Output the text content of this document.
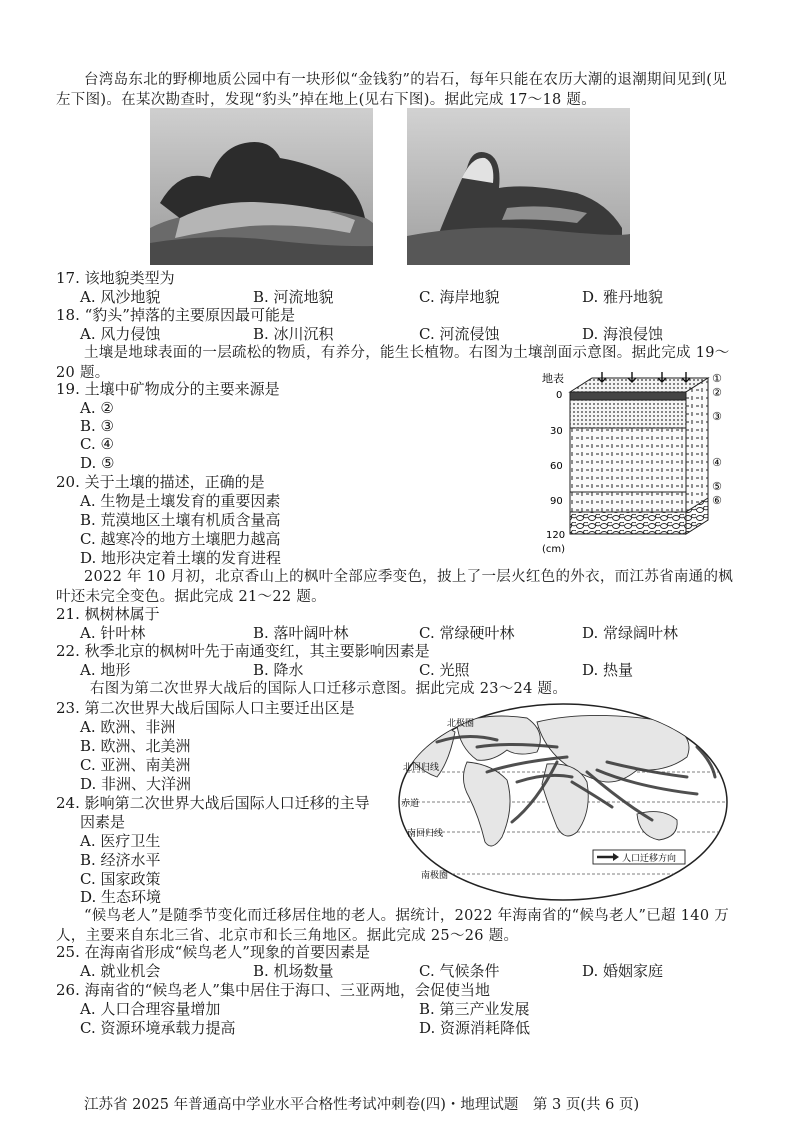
台湾岛东北的野柳地质公园中有一块形似“金钱豹”的岩石，每年只能在农历大潮的退潮期间见到(见左下图)。在某次勘查时，发现“豹头”掉在地上(见右下图)。据此完成 17～18 题。
17. 该地貌类型为
A. 风沙地貌	B. 河流地貌	C. 海岸地貌	D. 雅丹地貌
18. “豹头”掉落的主要原因最可能是
A. 风力侵蚀	B. 冰川沉积	C. 河流侵蚀	D. 海浪侵蚀
土壤是地球表面的一层疏松的物质，有养分，能生长植物。右图为土壤剖面示意图。据此完成 19～20 题。
19. 土壤中矿物成分的主要来源是
A. ②
B. ③
C. ④
D. ⑤
20. 关于土壤的描述，正确的是
A. 生物是土壤发育的重要因素
B. 荒漠地区土壤有机质含量高
C. 越寒冷的地方土壤肥力越高
D. 地形决定着土壤的发育进程
地表
0
30
60
90
120
(cm)
①
②
③
④
⑤
⑥
2022 年 10 月初，北京香山上的枫叶全部应季变色，披上了一层火红色的外衣，而江苏省南通的枫叶还未完全变色。据此完成 21～22 题。
21. 枫树林属于
A. 针叶林	B. 落叶阔叶林	C. 常绿硬叶林	D. 常绿阔叶林
22. 秋季北京的枫树叶先于南通变红，其主要影响因素是
A. 地形	B. 降水	C. 光照	D. 热量
右图为第二次世界大战后的国际人口迁移示意图。据此完成 23～24 题。
23. 第二次世界大战后国际人口主要迁出区是
A. 欧洲、非洲
B. 欧洲、北美洲
C. 亚洲、南美洲
D. 非洲、大洋洲
24. 影响第二次世界大战后国际人口迁移的主导
因素是
A. 医疗卫生
B. 经济水平
C. 国家政策
D. 生态环境
北极圈
北回归线
赤道
南回归线
南极圈
人口迁移方向
“候鸟老人”是随季节变化而迁移居住地的老人。据统计，2022 年海南省的“候鸟老人”已超 140 万人，主要来自东北三省、北京市和长三角地区。据此完成 25～26 题。
25. 在海南省形成“候鸟老人”现象的首要因素是
A. 就业机会	B. 机场数量	C. 气候条件	D. 婚姻家庭
26. 海南省的“候鸟老人”集中居住于海口、三亚两地，会促使当地
A. 人口合理容量增加	B. 第三产业发展
C. 资源环境承载力提高	D. 资源消耗降低
江苏省 2025 年普通高中学业水平合格性考试冲刺卷(四)・地理试题　第 3 页(共 6 页)
